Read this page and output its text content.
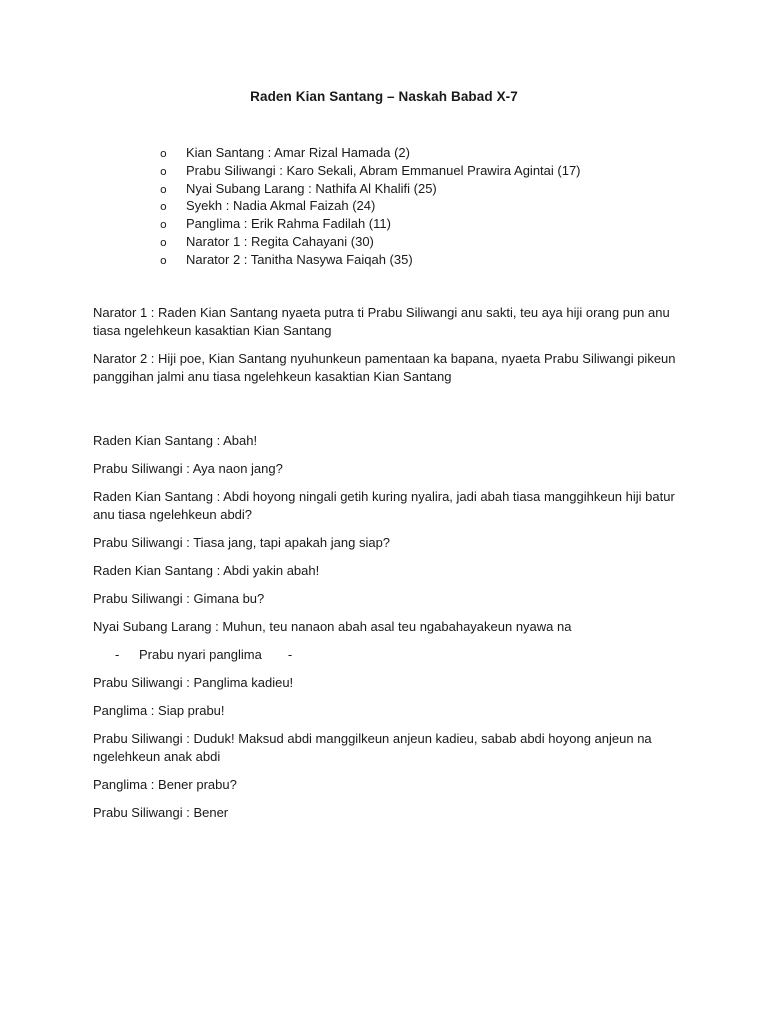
Raden Kian Santang – Naskah Babad X-7
o	Kian Santang : Amar Rizal Hamada (2)
o	Prabu Siliwangi : Karo Sekali, Abram Emmanuel Prawira Agintai (17)
o	Nyai Subang Larang : Nathifa Al Khalifi (25)
o	Syekh : Nadia Akmal Faizah (24)
o	Panglima : Erik Rahma Fadilah (11)
o	Narator 1 : Regita Cahayani (30)
o	Narator 2 : Tanitha Nasywa Faiqah (35)

Narator 1 : Raden Kian Santang nyaeta putra ti Prabu Siliwangi anu sakti, teu aya hiji orang pun anu tiasa ngelehkeun kasaktian Kian Santang

Narator 2 : Hiji poe, Kian Santang nyuhunkeun pamentaan ka bapana, nyaeta Prabu Siliwangi pikeun panggihan jalmi anu tiasa ngelehkeun kasaktian Kian Santang

Raden Kian Santang : Abah!

Prabu Siliwangi : Aya naon jang?

Raden Kian Santang : Abdi hoyong ningali getih kuring nyalira, jadi abah tiasa manggihkeun hiji batur anu tiasa ngelehkeun abdi?

Prabu Siliwangi : Tiasa jang, tapi apakah jang siap?

Raden Kian Santang : Abdi yakin abah!

Prabu Siliwangi : Gimana bu?

Nyai Subang Larang : Muhun, teu nanaon abah asal teu ngabahayakeun nyawa na

-	Prabu nyari panglima -

Prabu Siliwangi : Panglima kadieu!

Panglima : Siap prabu!

Prabu Siliwangi : Duduk! Maksud abdi manggilkeun anjeun kadieu, sabab abdi hoyong anjeun na ngelehkeun anak abdi

Panglima : Bener prabu?

Prabu Siliwangi : Bener
